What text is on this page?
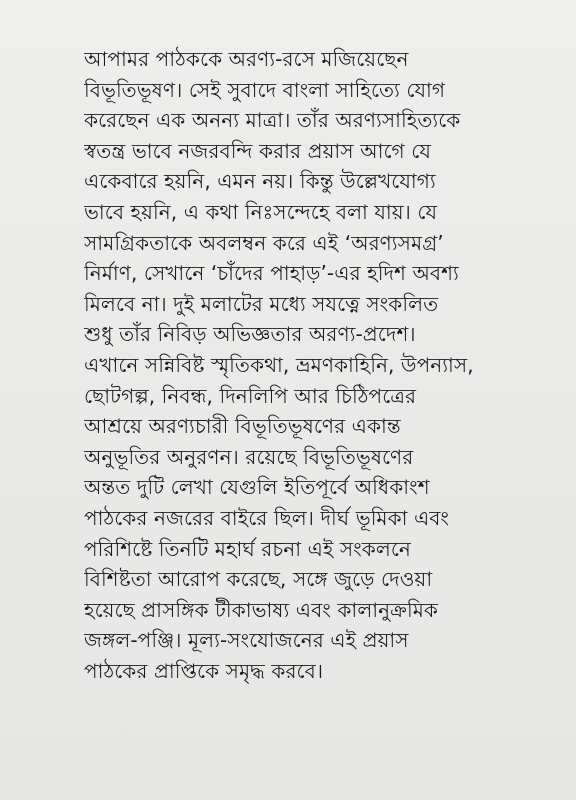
আপামর পাঠককে অরণ্য-রসে মজিয়েছেন
বিভূতিভূষণ। সেই সুবাদে বাংলা সাহিত্যে যোগ
করেছেন এক অনন্য মাত্রা। তাঁর অরণ্যসাহিত্যকে
স্বতন্ত্র ভাবে নজরবন্দি করার প্রয়াস আগে যে
একেবারে হয়নি, এমন নয়। কিন্তু উল্লেখযোগ্য
ভাবে হয়নি, এ কথা নিঃসন্দেহে বলা যায়। যে
সামগ্রিকতাকে অবলম্বন করে এই ‘অরণ্যসমগ্র’
নির্মাণ, সেখানে ‘চাঁদের পাহাড়’-এর হদিশ অবশ্য
মিলবে না। দুই মলাটের মধ্যে সযত্নে সংকলিত
শুধু তাঁর নিবিড় অভিজ্ঞতার অরণ্য-প্রদেশ।
এখানে সন্নিবিষ্ট স্মৃতিকথা, ভ্রমণকাহিনি, উপন্যাস,
ছোটগল্প, নিবন্ধ, দিনলিপি আর চিঠিপত্রের
আশ্রয়ে অরণ্যচারী বিভূতিভূষণের একান্ত
অনুভূতির অনুরণন। রয়েছে বিভূতিভূষণের
অন্তত দুটি লেখা যেগুলি ইতিপূর্বে অধিকাংশ
পাঠকের নজরের বাইরে ছিল। দীর্ঘ ভূমিকা এবং
পরিশিষ্টে তিনটি মহার্ঘ রচনা এই সংকলনে
বিশিষ্টতা আরোপ করেছে, সঙ্গে জুড়ে দেওয়া
হয়েছে প্রাসঙ্গিক টীকাভাষ্য এবং কালানুক্রমিক
জঙ্গল-পঞ্জি। মূল্য-সংযোজনের এই প্রয়াস
পাঠকের প্রাপ্তিকে সমৃদ্ধ করবে।
